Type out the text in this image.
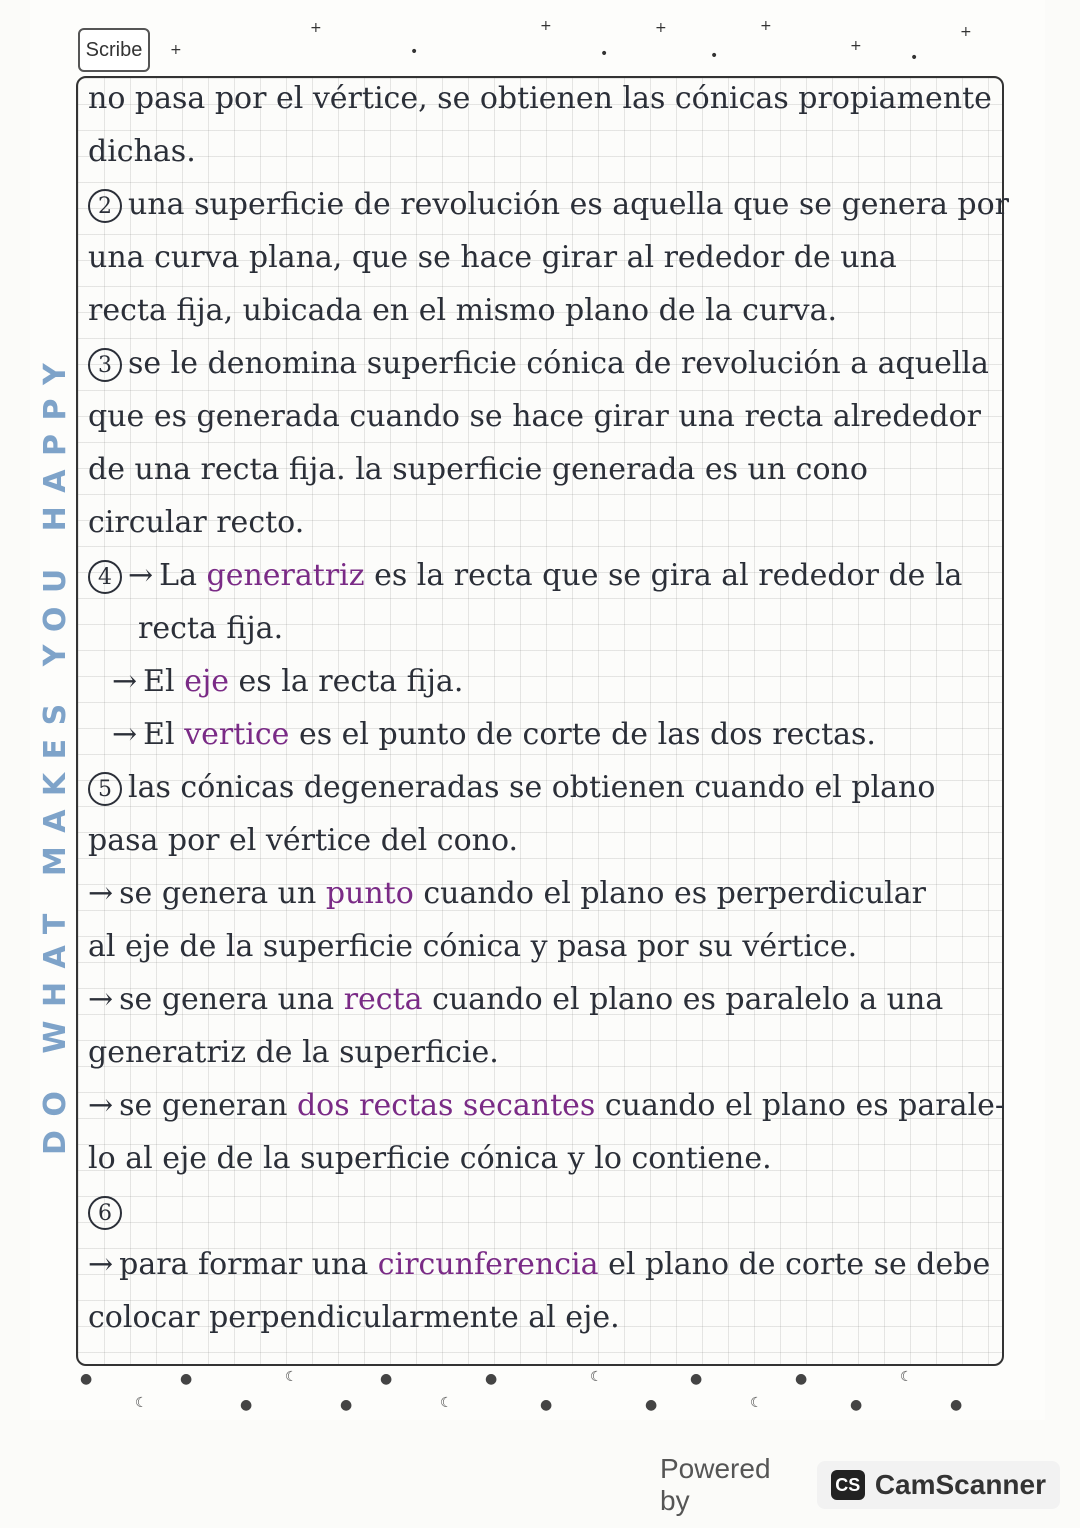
Scribe +
+	+	+	+
+
+
•
•	•	•
DO WHAT MAKES YOU HAPPY
no pasa por el vértice, se obtienen las cónicas propiamente
dichas.
2 una superficie de revolución es aquella que se genera por
una curva plana, que se hace girar al rededor de una
recta fija, ubicada en el mismo plano de la curva.
3 se le denomina superficie cónica de revolución a aquella
que es generada cuando se hace girar una recta alrededor
de una recta fija. la superficie generada es un cono
circular recto.
4 → La generatriz es la recta que se gira al rededor de la
recta fija.
→ El eje es la recta fija.
→ El vertice es el punto de corte de las dos rectas.
5 las cónicas degeneradas se obtienen cuando el plano
pasa por el vértice del cono.
→ se genera un punto cuando el plano es perperdicular
al eje de la superficie cónica y pasa por su vértice.
→ se genera una recta cuando el plano es paralelo a una
generatriz de la superficie.
→ se generan dos rectas secantes cuando el plano es parale-
lo al eje de la superficie cónica y lo contiene.
6
→ para formar una circunferencia el plano de corte se debe
colocar perpendicularmente al eje.
●	●	☾	●	●	☾	●	●	☾
☾	●	●	☾	●	●	☾	●	●
Powered by
CS CamScanner
